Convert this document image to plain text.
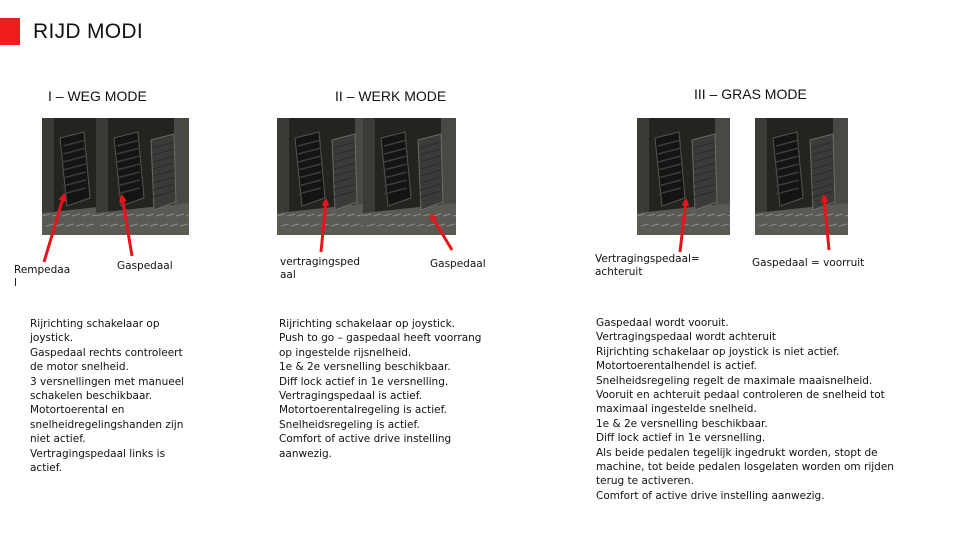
RIJD MODI
I – WEG MODE	II – WERK MODE	III – GRAS MODE
Rempedaa l
Gaspedaal	vertragingsped aal
Gaspedaal	Vertragingspedaal= achteruit
Gaspedaal = voorruit
Rijrichting schakelaar op
joystick.
Gaspedaal rechts controleert
de motor snelheid.
3 versnellingen met manueel
schakelen beschikbaar.
Motortoerental en
snelheidregelingshanden zijn
niet actief.
Vertragingspedaal links is
actief.
Rijrichting schakelaar op joystick.
Push to go – gaspedaal heeft voorrang
op ingestelde rijsnelheid.
1e & 2e versnelling beschikbaar.
Diff lock actief in 1e versnelling.
Vertragingspedaal is actief.
Motortoerentalregeling is actief.
Snelheidsregeling is actief.
Comfort of active drive instelling
aanwezig.
Gaspedaal wordt vooruit.
Vertragingspedaal wordt achteruit
Rijrichting schakelaar op joystick is niet actief.
Motortoerentalhendel is actief.
Snelheidsregeling regelt de maximale maaisnelheid.
Vooruit en achteruit pedaal controleren de snelheid tot
maximaal ingestelde snelheid.
1e & 2e versnelling beschikbaar.
Diff lock actief in 1e versnelling.
Als beide pedalen tegelijk ingedrukt worden, stopt de
machine, tot beide pedalen losgelaten worden om rijden
terug te activeren.
Comfort of active drive instelling aanwezig.
